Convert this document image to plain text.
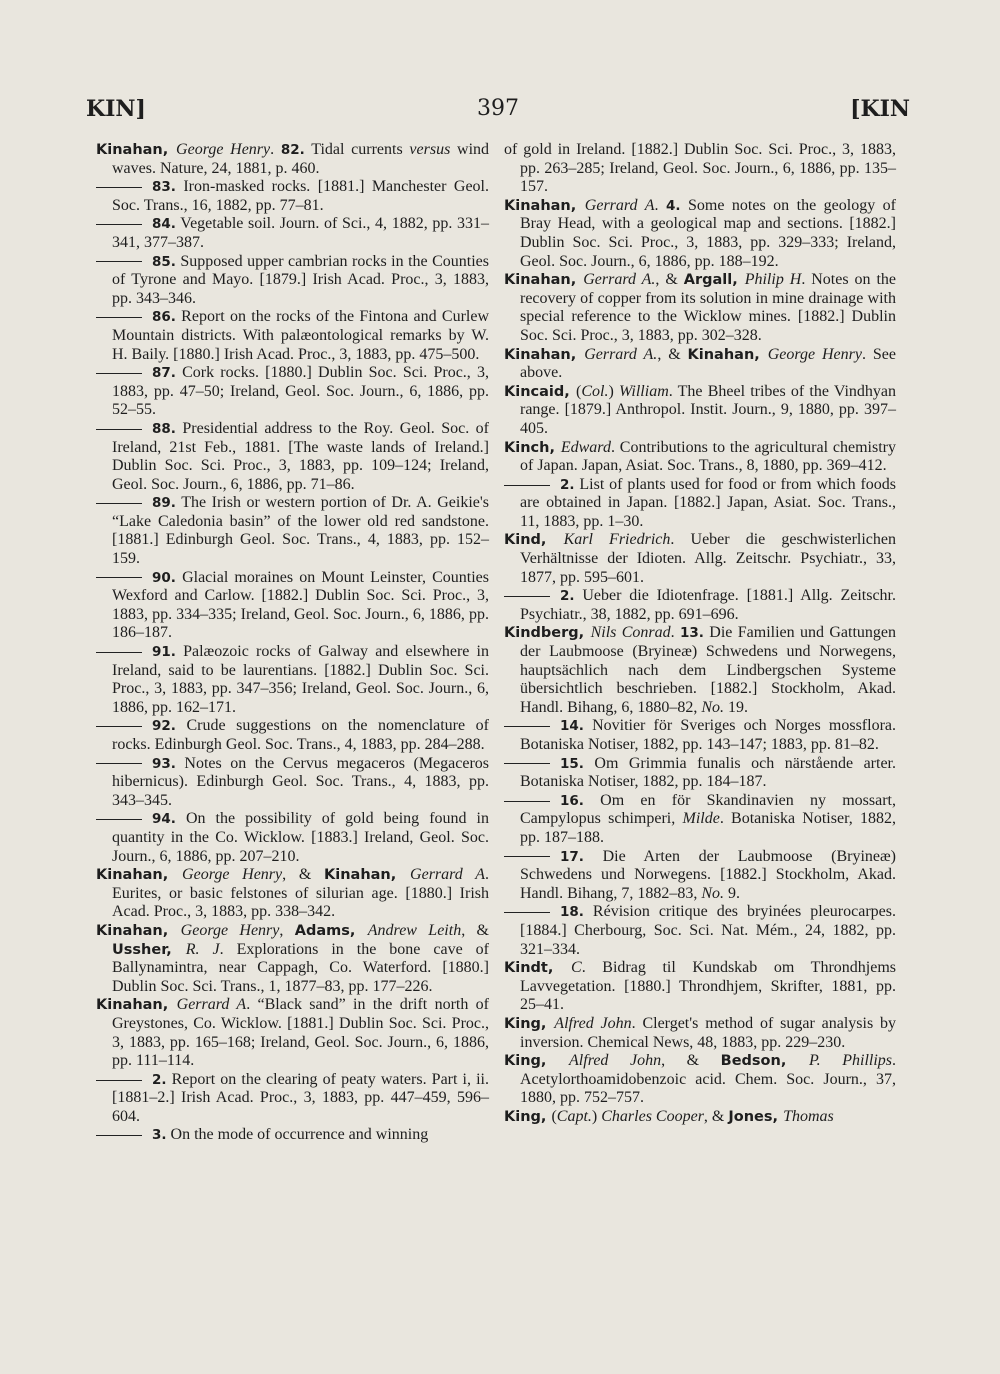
KIN]	397	[KIN

Kinahan, George Henry. 82. Tidal currents versus wind waves. Nature, 24, 1881, p. 460.

83. Iron-masked rocks. [1881.] Manchester Geol. Soc. Trans., 16, 1882, pp. 77–81.

84. Vegetable soil. Journ. of Sci., 4, 1882, pp. 331–341, 377–387.

85. Supposed upper cambrian rocks in the Counties of Tyrone and Mayo. [1879.] Irish Acad. Proc., 3, 1883, pp. 343–346.

86. Report on the rocks of the Fintona and Curlew Mountain districts. With palæontological remarks by W. H. Baily. [1880.] Irish Acad. Proc., 3, 1883, pp. 475–500.

87. Cork rocks. [1880.] Dublin Soc. Sci. Proc., 3, 1883, pp. 47–50; Ireland, Geol. Soc. Journ., 6, 1886, pp. 52–55.

88. Presidential address to the Roy. Geol. Soc. of Ireland, 21st Feb., 1881. [The waste lands of Ireland.] Dublin Soc. Sci. Proc., 3, 1883, pp. 109–124; Ireland, Geol. Soc. Journ., 6, 1886, pp. 71–86.

89. The Irish or western portion of Dr. A. Geikie's “Lake Caledonia basin” of the lower old red sandstone. [1881.] Edinburgh Geol. Soc. Trans., 4, 1883, pp. 152–159.

90. Glacial moraines on Mount Leinster, Counties Wexford and Carlow. [1882.] Dublin Soc. Sci. Proc., 3, 1883, pp. 334–335; Ireland, Geol. Soc. Journ., 6, 1886, pp. 186–187.

91. Palæozoic rocks of Galway and elsewhere in Ireland, said to be laurentians. [1882.] Dublin Soc. Sci. Proc., 3, 1883, pp. 347–356; Ireland, Geol. Soc. Journ., 6, 1886, pp. 162–171.

92. Crude suggestions on the nomenclature of rocks. Edinburgh Geol. Soc. Trans., 4, 1883, pp. 284–288.

93. Notes on the Cervus megaceros (Megaceros hibernicus). Edinburgh Geol. Soc. Trans., 4, 1883, pp. 343–345.

94. On the possibility of gold being found in quantity in the Co. Wicklow. [1883.] Ireland, Geol. Soc. Journ., 6, 1886, pp. 207–210.

Kinahan, George Henry, & Kinahan, Gerrard A. Eurites, or basic felstones of silurian age. [1880.] Irish Acad. Proc., 3, 1883, pp. 338–342.

Kinahan, George Henry, Adams, Andrew Leith, & Ussher, R. J. Explorations in the bone cave of Ballynamintra, near Cappagh, Co. Waterford. [1880.] Dublin Soc. Sci. Trans., 1, 1877–83, pp. 177–226.

Kinahan, Gerrard A. “Black sand” in the drift north of Greystones, Co. Wicklow. [1881.] Dublin Soc. Sci. Proc., 3, 1883, pp. 165–168; Ireland, Geol. Soc. Journ., 6, 1886, pp. 111–114.

2. Report on the clearing of peaty waters. Part i, ii. [1881–2.] Irish Acad. Proc., 3, 1883, pp. 447–459, 596–604.

3. On the mode of occurrence and winning

of gold in Ireland. [1882.] Dublin Soc. Sci. Proc., 3, 1883, pp. 263–285; Ireland, Geol. Soc. Journ., 6, 1886, pp. 135–157.

Kinahan, Gerrard A. 4. Some notes on the geology of Bray Head, with a geological map and sections. [1882.] Dublin Soc. Sci. Proc., 3, 1883, pp. 329–333; Ireland, Geol. Soc. Journ., 6, 1886, pp. 188–192.

Kinahan, Gerrard A., & Argall, Philip H. Notes on the recovery of copper from its solution in mine drainage with special reference to the Wicklow mines. [1882.] Dublin Soc. Sci. Proc., 3, 1883, pp. 302–328.

Kinahan, Gerrard A., & Kinahan, George Henry. See above.

Kincaid, (Col.) William. The Bheel tribes of the Vindhyan range. [1879.] Anthropol. Instit. Journ., 9, 1880, pp. 397–405.

Kinch, Edward. Contributions to the agricultural chemistry of Japan. Japan, Asiat. Soc. Trans., 8, 1880, pp. 369–412.

2. List of plants used for food or from which foods are obtained in Japan. [1882.] Japan, Asiat. Soc. Trans., 11, 1883, pp. 1–30.

Kind, Karl Friedrich. Ueber die geschwisterlichen Verhältnisse der Idioten. Allg. Zeitschr. Psychiatr., 33, 1877, pp. 595–601.

2. Ueber die Idiotenfrage. [1881.] Allg. Zeitschr. Psychiatr., 38, 1882, pp. 691–696.

Kindberg, Nils Conrad. 13. Die Familien und Gattungen der Laubmoose (Bryineæ) Schwedens und Norwegens, hauptsächlich nach dem Lindbergschen Systeme übersichtlich beschrieben. [1882.] Stockholm, Akad. Handl. Bihang, 6, 1880–82, No. 19.

14. Novitier för Sveriges och Norges mossflora. Botaniska Notiser, 1882, pp. 143–147; 1883, pp. 81–82.

15. Om Grimmia funalis och närstående arter. Botaniska Notiser, 1882, pp. 184–187.

16. Om en för Skandinavien ny mossart, Campylopus schimperi, Milde. Botaniska Notiser, 1882, pp. 187–188.

17. Die Arten der Laubmoose (Bryineæ) Schwedens und Norwegens. [1882.] Stockholm, Akad. Handl. Bihang, 7, 1882–83, No. 9.

18. Révision critique des bryinées pleurocarpes. [1884.] Cherbourg, Soc. Sci. Nat. Mém., 24, 1882, pp. 321–334.

Kindt, C. Bidrag til Kundskab om Throndhjems Lavvegetation. [1880.] Throndhjem, Skrifter, 1881, pp. 25–41.

King, Alfred John. Clerget's method of sugar analysis by inversion. Chemical News, 48, 1883, pp. 229–230.

King, Alfred John, & Bedson, P. Phillips. Acetylorthoamidobenzoic acid. Chem. Soc. Journ., 37, 1880, pp. 752–757.

King, (Capt.) Charles Cooper, & Jones, Thomas
